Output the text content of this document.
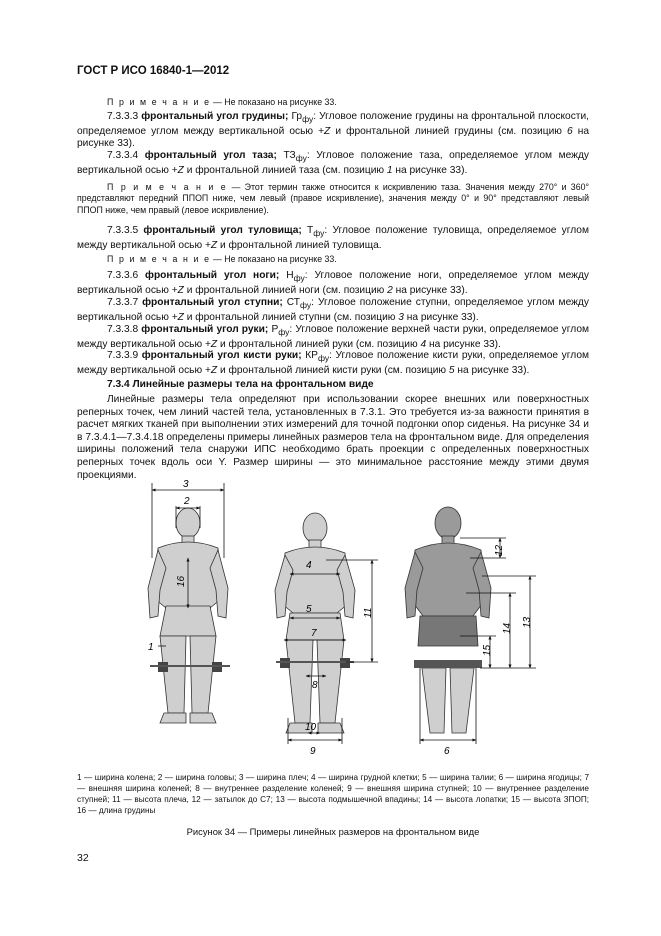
ГОСТ Р ИСО 16840-1—2012
П р и м е ч а н и е — Не показано на рисунке 33.
7.3.3.3 фронтальный угол грудины; $Гр_{фу}$: Угловое положение грудины на фронтальной плоскости, определяемое углом между вертикальной осью +Z и фронтальной линией грудины (см. позицию 6 на рисунке 33).
7.3.3.4 фронтальный угол таза; $ТЗ_{фу}$: Угловое положение таза, определяемое углом между вертикальной осью +Z и фронтальной линией таза (см. позицию 1 на рисунке 33).
П р и м е ч а н и е — Этот термин также относится к искривлению таза. Значения между 270° и 360° представляют передний ППОП ниже, чем левый (правое искривление), значения между 0° и 90° представляют левый ППОП ниже, чем правый (левое искривление).
7.3.3.5 фронтальный угол туловища; $Т_{фу}$: Угловое положение туловища, определяемое углом между вертикальной осью +Z и фронтальной линией туловища.
П р и м е ч а н и е — Не показано на рисунке 33.
7.3.3.6 фронтальный угол ноги; $Н_{фу}$: Угловое положение ноги, определяемое углом между вертикальной осью +Z и фронтальной линией ноги (см. позицию 2 на рисунке 33).
7.3.3.7 фронтальный угол ступни; $СТ_{фу}$: Угловое положение ступни, определяемое углом между вертикальной осью +Z и фронтальной линией ступни (см. позицию 3 на рисунке 33).
7.3.3.8 фронтальный угол руки; $Р_{фу}$: Угловое положение верхней части руки, определяемое углом между вертикальной осью +Z и фронтальной линией руки (см. позицию 4 на рисунке 33).
7.3.3.9 фронтальный угол кисти руки; $КР_{фу}$: Угловое положение кисти руки, определяемое углом между вертикальной осью +Z и фронтальной линией кисти руки (см. позицию 5 на рисунке 33).
7.3.4 Линейные размеры тела на фронтальном виде
Линейные размеры тела определяют при использовании скорее внешних или поверхностных реперных точек, чем линий частей тела, установленных в 7.3.1. Это требуется из-за важности принятия в расчет мягких тканей при выполнении этих измерений для точной подгонки опор сиденья. На рисунке 34 и в 7.3.4.1—7.3.4.18 определены примеры линейных размеров тела на фронтальном виде. Для определения ширины положений тела снаружи ИПС необходимо брать проекции с определенных поверхностных реперных точек вдоль оси Y. Размер ширины — это минимальное расстояние между этими двумя проекциями.
3
2
16
1
4
5
7
8
10
9
11
12
13
14
15
6
1 — ширина колена; 2 — ширина головы; 3 — ширина плеч; 4 — ширина грудной клетки; 5 — ширина талии; 6 — ширина ягодицы; 7 — внешняя ширина коленей; 8 — внутреннее разделение коленей; 9 — внешняя ширина ступней; 10 — внутреннее разделение ступней; 11 — высота плеча, 12 — затылок до С7; 13 — высота подмышечной впадины; 14 — высота лопатки; 15 — высота ЗПОП; 16 — длина грудины
Рисунок 34 — Примеры линейных размеров на фронтальном виде
32
